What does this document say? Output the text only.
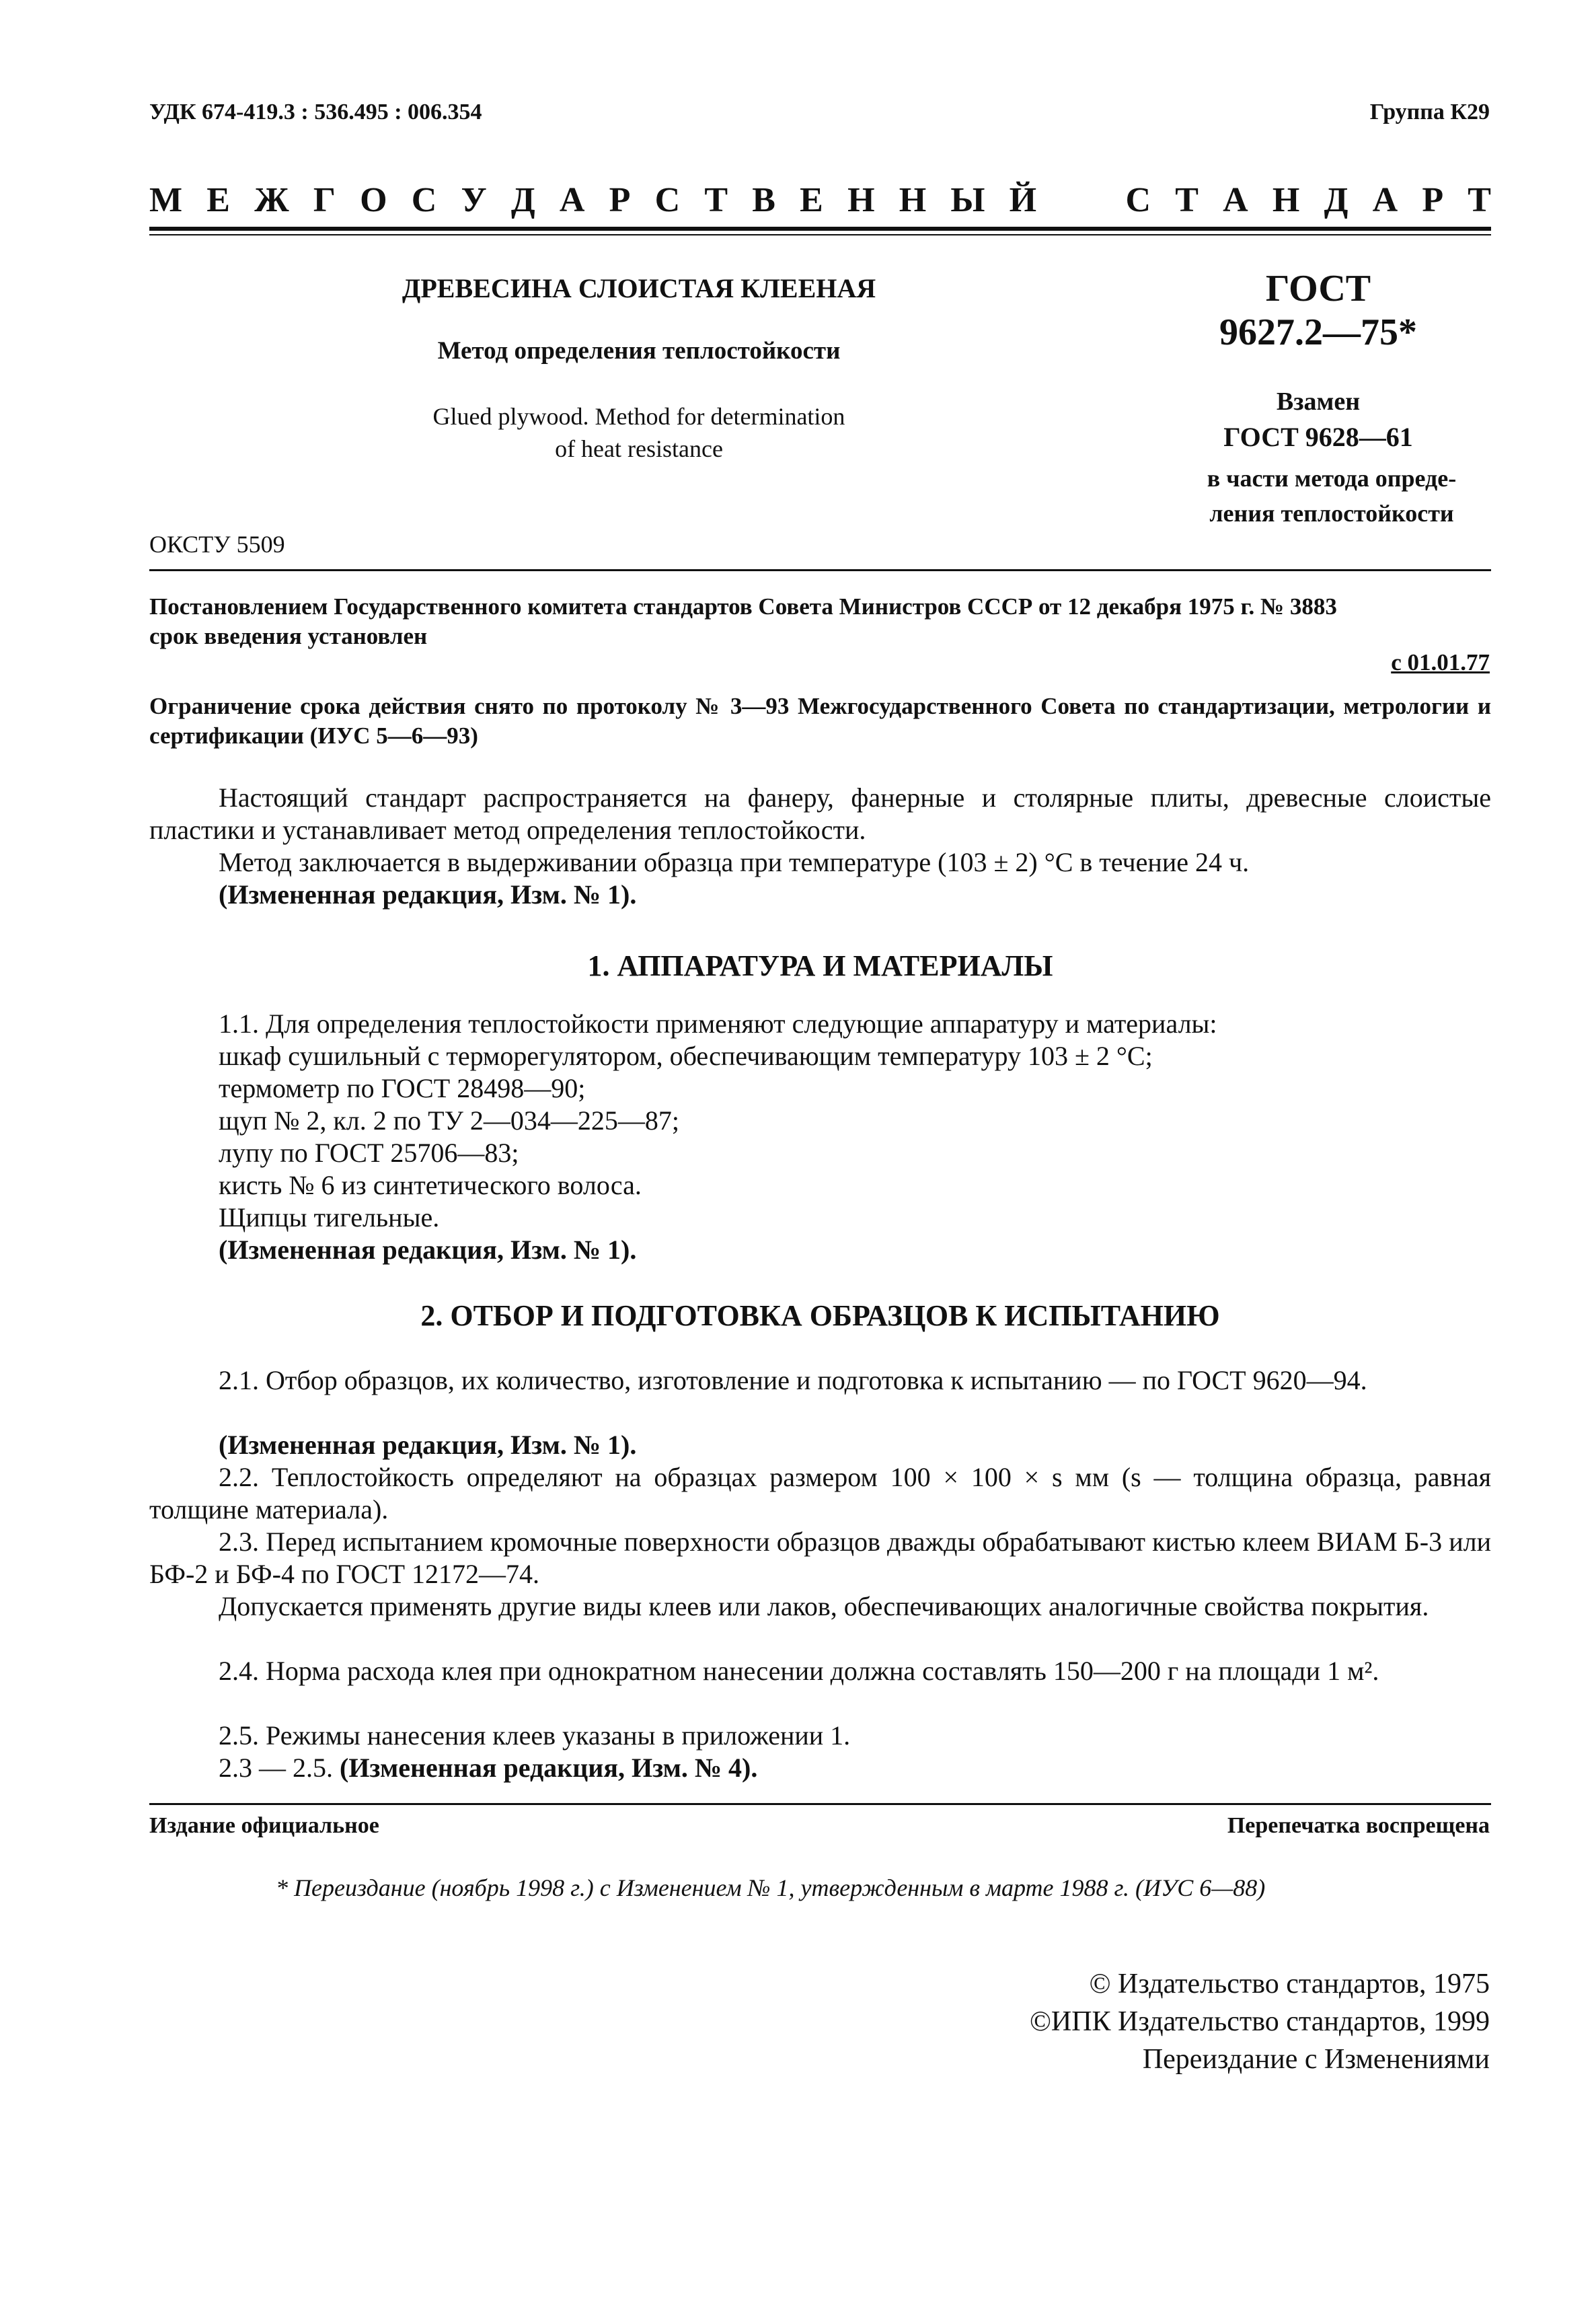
УДК 674-419.3 : 536.495 : 006.354	Группа К29
М Е Ж Г О С У Д А Р С Т В Е Н Н Ы Й	С Т А Н Д А Р Т
ДРЕВЕСИНА СЛОИСТАЯ КЛЕЕНАЯ
Метод определения теплостойкости
Glued plywood. Method for determination
of heat resistance
ГОСТ
9627.2—75*
Взамен
ГОСТ 9628—61
в части метода опреде-
ления теплостойкости
ОКСТУ 5509
Постановлением Государственного комитета стандартов Совета Министров СССР от 12 декабря 1975 г. № 3883
срок введения установлен
с 01.01.77
Ограничение срока действия снято по протоколу № 3—93 Межгосударственного Совета по стандартизации, метрологии и сертификации (ИУС 5—6—93)
Настоящий стандарт распространяется на фанеру, фанерные и столярные плиты, древесные слоистые пластики и устанавливает метод определения теплостойкости.
Метод заключается в выдерживании образца при температуре (103 ± 2) °С в течение 24 ч.
(Измененная редакция, Изм. № 1).
1. АППАРАТУРА И МАТЕРИАЛЫ
1.1. Для определения теплостойкости применяют следующие аппаратуру и материалы:
шкаф сушильный с терморегулятором, обеспечивающим температуру 103 ± 2 °С;
термометр по ГОСТ 28498—90;
щуп № 2, кл. 2 по ТУ 2—034—225—87;
лупу по ГОСТ 25706—83;
кисть № 6 из синтетического волоса.
Щипцы тигельные.
(Измененная редакция, Изм. № 1).
2. ОТБОР И ПОДГОТОВКА ОБРАЗЦОВ К ИСПЫТАНИЮ
2.1. Отбор образцов, их количество, изготовление и подготовка к испытанию — по ГОСТ 9620—94.
(Измененная редакция, Изм. № 1).
2.2. Теплостойкость определяют на образцах размером 100 × 100 × s мм (s — толщина образца, равная толщине материала).
2.3. Перед испытанием кромочные поверхности образцов дважды обрабатывают кистью клеем ВИАМ Б-3 или БФ-2 и БФ-4 по ГОСТ 12172—74.
Допускается применять другие виды клеев или лаков, обеспечивающих аналогичные свойства покрытия.
2.4. Норма расхода клея при однократном нанесении должна составлять 150—200 г на площади 1 м².
2.5. Режимы нанесения клеев указаны в приложении 1.
2.3 — 2.5. (Измененная редакция, Изм. № 4).
Издание официальное	Перепечатка воспрещена
* Переиздание (ноябрь 1998 г.) с Изменением № 1, утвержденным в марте 1988 г. (ИУС 6—88)
© Издательство стандартов, 1975
©ИПК Издательство стандартов, 1999
Переиздание с Изменениями
